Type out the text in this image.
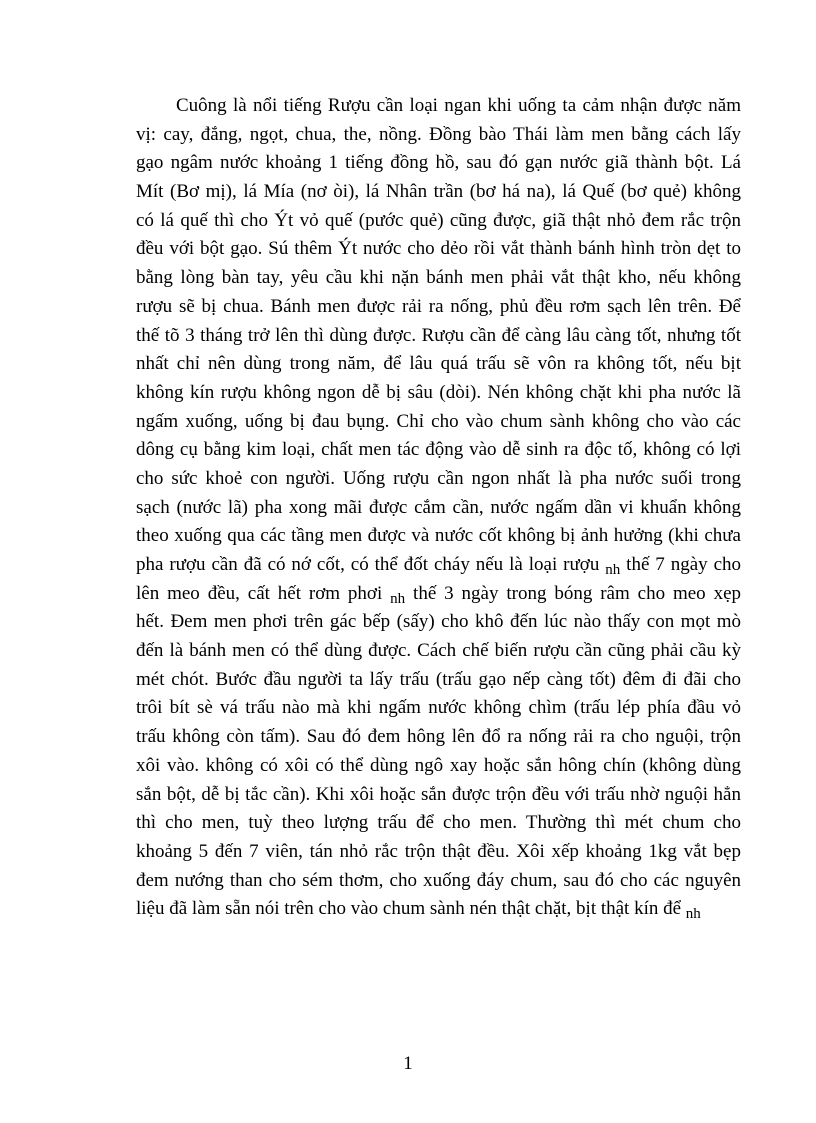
Cuông là nổi tiếng Rượu cần loại ngan khi uống ta cảm nhận được năm
vị: cay, đắng, ngọt, chua, the, nồng. Đồng bào Thái làm men bằng cách lấy
gạo ngâm nước khoảng 1 tiếng đồng hồ, sau đó gạn nước giã thành bột. Lá
Mít (Bơ mị), lá Mía (nơ òi), lá Nhân trần (bơ há na), lá Quế (bơ quẻ) không
có lá quế thì cho Ýt vỏ quế (pước quẻ) cũng được, giã thật nhỏ đem rắc trộn
đều với bột gạo. Sú thêm Ýt nước cho dẻo rồi vắt thành bánh hình tròn dẹt to
bằng lòng bàn tay, yêu cầu khi nặn bánh men phải vắt thật kho, nếu không
rượu sẽ bị chua. Bánh men được rải ra nống, phủ đều rơm sạch lên trên. Để
thế tõ 3 tháng trở lên thì dùng được. Rượu cần để càng lâu càng tốt, nhưng tốt
nhất chỉ nên dùng trong năm, để lâu quá trấu sẽ vôn ra không tốt, nếu bịt
không kín rượu không ngon dễ bị sâu (dòi). Nén không chặt khi pha nước lã
ngấm xuống, uống bị đau bụng. Chỉ cho vào chum sành không cho vào các
dông cụ bằng kim loại, chất men tác động vào dễ sinh ra độc tố, không có lợi
cho sức khoẻ con người. Uống rượu cần ngon nhất là pha nước suối trong
sạch (nước lã) pha xong mãi được cắm cần, nước ngấm dần vi khuẩn không
theo xuống qua các tầng men được và nước cốt không bị ảnh hưởng (khi chưa
pha rượu cần đã có nớ cốt, có thể đốt cháy nếu là loại rượu $_{nh}$ thế 7 ngày cho
lên meo đều, cất hết rơm phơi $_{nh}$ thế 3 ngày trong bóng râm cho meo xẹp
hết. Đem men phơi trên gác bếp (sấy) cho khô đến lúc nào thấy con mọt mò
đến là bánh men có thể dùng được. Cách chế biến rượu cần cũng phải cầu kỳ
mét chót. Bước đầu người ta lấy trấu (trấu gạo nếp càng tốt) đêm đi đãi cho
trôi bít sè vá trấu nào mà khi ngấm nước không chìm (trấu lép phía đầu vỏ
trấu không còn tấm). Sau đó đem hông lên đổ ra nống rải ra cho nguội, trộn
xôi vào. không có xôi có thể dùng ngô xay hoặc sắn hông chín (không dùng
sắn bột, dễ bị tắc cần). Khi xôi hoặc sắn được trộn đều với trấu nhờ nguội hẳn
thì cho men, tuỳ theo lượng trấu để cho men. Thường thì mét chum cho
khoảng 5 đến 7 viên, tán nhỏ rắc trộn thật đều. Xôi xếp khoảng 1kg vắt bẹp
đem nướng than cho sém thơm, cho xuống đáy chum, sau đó cho các nguyên
liệu đã làm sẵn nói trên cho vào chum sành nén thật chặt, bịt thật kín để $_{nh}$
1
